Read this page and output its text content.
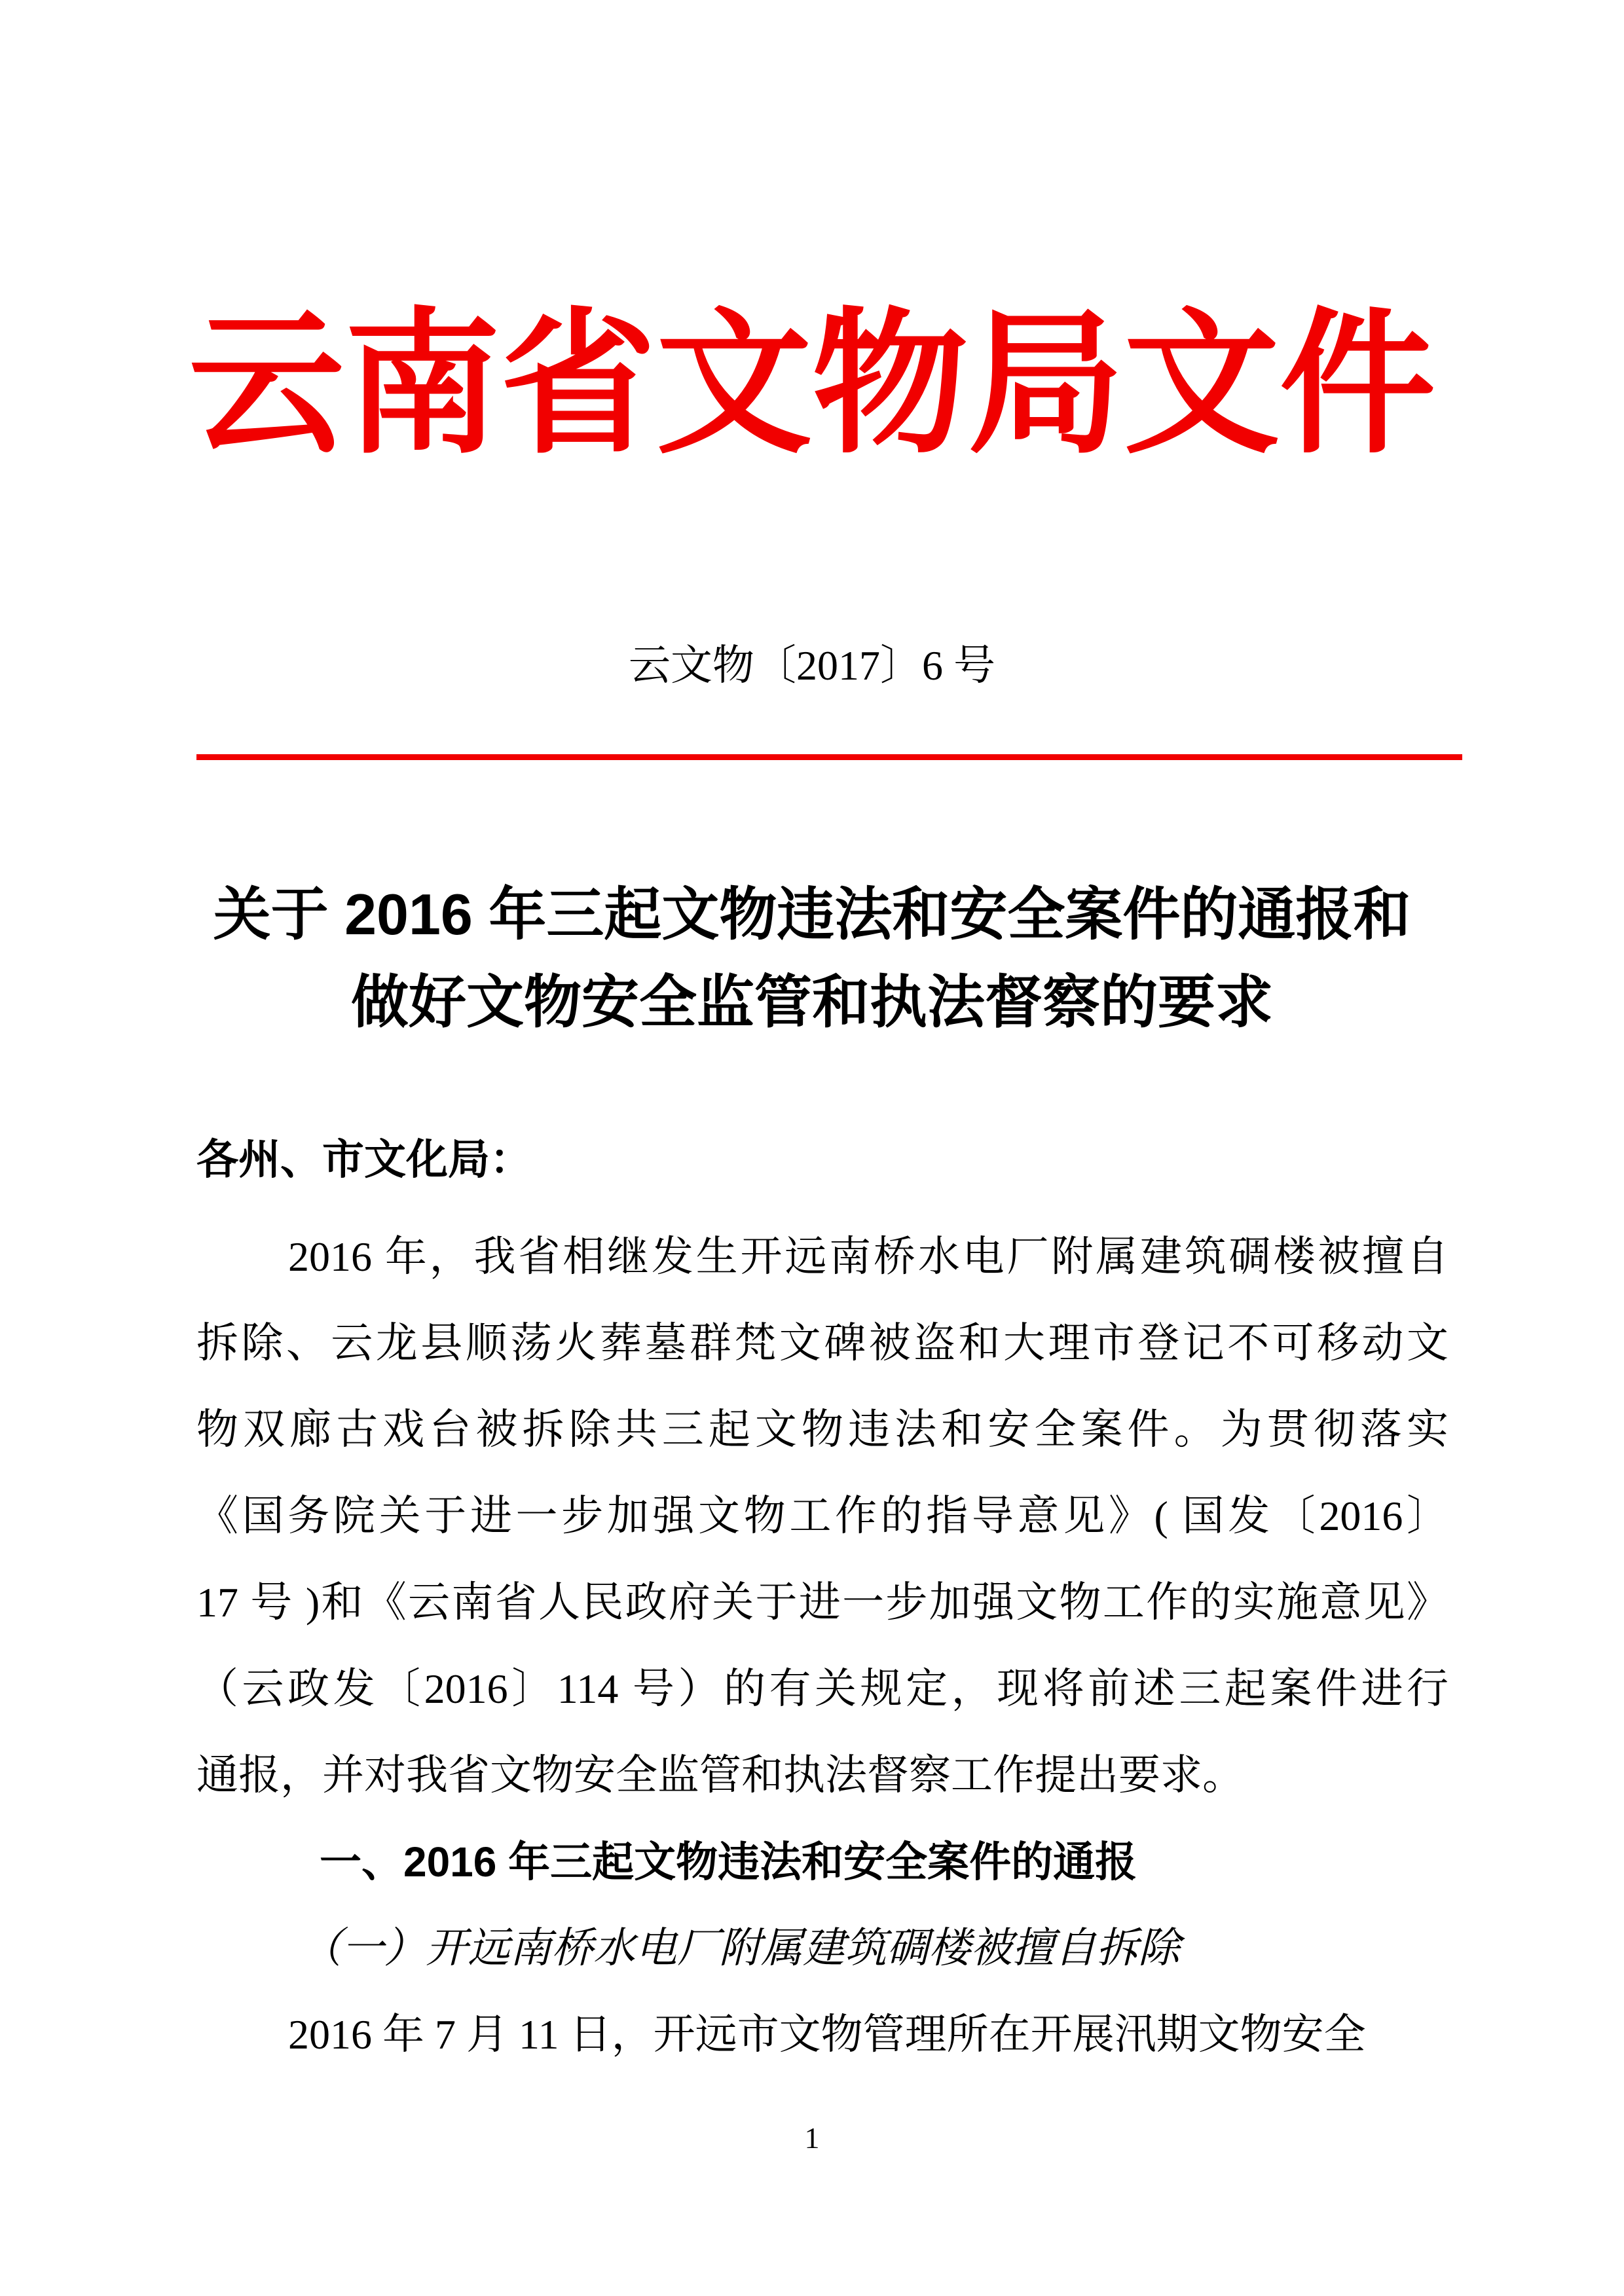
云南省文物局文件
云文物〔2017〕6 号
关于 2016 年三起文物违法和安全案件的通报和
做好文物安全监管和执法督察的要求
各州、市文化局：
2016 年，我省相继发生开远南桥水电厂附属建筑碉楼被擅自
拆除、云龙县顺荡火葬墓群梵文碑被盗和大理市登记不可移动文
物双廊古戏台被拆除共三起文物违法和安全案件。为贯彻落实
《国务院关于进一步加强文物工作的指导意见》( 国发〔2016〕
17 号 )和《云南省人民政府关于进一步加强文物工作的实施意见》
（云政发〔2016〕114 号）的有关规定，现将前述三起案件进行
通报，并对我省文物安全监管和执法督察工作提出要求。
一、2016 年三起文物违法和安全案件的通报
（一）开远南桥水电厂附属建筑碉楼被擅自拆除
2016 年 7 月 11 日，开远市文物管理所在开展汛期文物安全
1
